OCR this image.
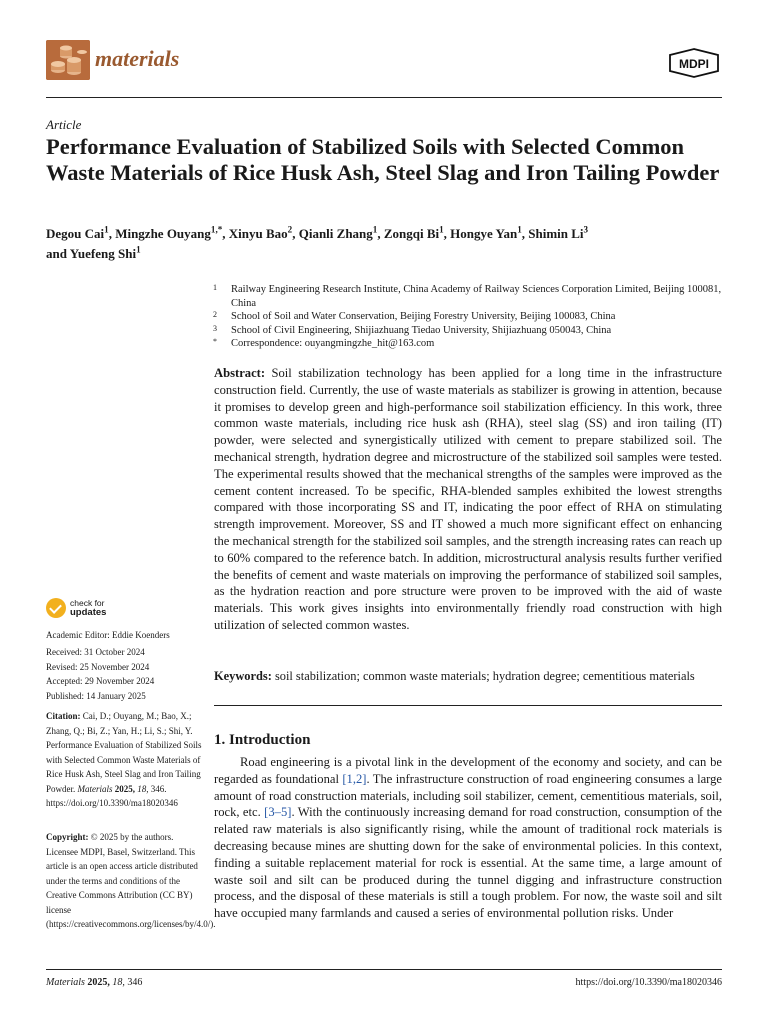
materials	MDPI
Article
Performance Evaluation of Stabilized Soils with Selected Common Waste Materials of Rice Husk Ash, Steel Slag and Iron Tailing Powder
Degou Cai$^1$, Mingzhe Ouyang$^{1,*}$, Xinyu Bao$^2$, Qianli Zhang$^1$, Zongqi Bi$^1$, Hongye Yan$^1$, Shimin Li$^3$
and Yuefeng Shi$^1$
1 Railway Engineering Research Institute, China Academy of Railway Sciences Corporation Limited, Beijing 100081, China
2 School of Soil and Water Conservation, Beijing Forestry University, Beijing 100083, China
3 School of Civil Engineering, Shijiazhuang Tiedao University, Shijiazhuang 050043, China
* Correspondence: ouyangmingzhe_hit@163.com
Abstract: Soil stabilization technology has been applied for a long time in the infrastructure construction field. Currently, the use of waste materials as stabilizer is growing in attention, because it promises to develop green and high-performance soil stabilization efficiency. In this work, three common waste materials, including rice husk ash (RHA), steel slag (SS) and iron tailing (IT) powder, were selected and synergistically utilized with cement to prepare stabilized soil. The mechanical strength, hydration degree and microstructure of the stabilized soil samples were tested. The experimental results showed that the mechanical strengths of the samples were improved as the cement content increased. To be specific, RHA-blended samples exhibited the lowest strengths compared with those incorporating SS and IT, indicating the poor effect of RHA on stimulating strength improvement. Moreover, SS and IT showed a much more significant effect on enhancing the mechanical strength for the stabilized soil samples, and the strength increasing rates can reach up to 60% compared to the reference batch. In addition, microstructural analysis results further verified the benefits of cement and waste materials on improving the performance of stabilized soil samples, as the hydration reaction and pore structure were proven to be improved with the aid of waste materials. This work gives insights into environmentally friendly road construction with high utilization of selected common wastes.
Keywords: soil stabilization; common waste materials; hydration degree; cementitious materials
check for
updates
Academic Editor: Eddie Koenders
Received: 31 October 2024
Revised: 25 November 2024
Accepted: 29 November 2024
Published: 14 January 2025
Citation: Cai, D.; Ouyang, M.; Bao, X.; Zhang, Q.; Bi, Z.; Yan, H.; Li, S.; Shi, Y. Performance Evaluation of Stabilized Soils with Selected Common Waste Materials of Rice Husk Ash, Steel Slag and Iron Tailing Powder. Materials 2025, 18, 346. https://doi.org/10.3390/ma18020346
Copyright: © 2025 by the authors. Licensee MDPI, Basel, Switzerland. This article is an open access article distributed under the terms and conditions of the Creative Commons Attribution (CC BY) license (https://creativecommons.org/licenses/by/4.0/).
1. Introduction
Road engineering is a pivotal link in the development of the economy and society, and can be regarded as foundational [1,2]. The infrastructure construction of road engineering consumes a large amount of road construction materials, including soil stabilizer, cement, cementitious materials, soil, rock, etc. [3–5]. With the continuously increasing demand for road construction, consumption of the related raw materials is also significantly rising, while the amount of traditional rock materials is decreasing because mines are shutting down for the sake of environmental policies. In this context, finding a suitable replacement material for rock is essential. At the same time, a large amount of waste soil and silt can be produced during the tunnel digging and infrastructure construction process, and the disposal of these materials is still a tough problem. For now, the waste soil and silt have occupied many farmlands and caused a series of environmental pollution risks. Under
Materials 2025, 18, 346	https://doi.org/10.3390/ma18020346
